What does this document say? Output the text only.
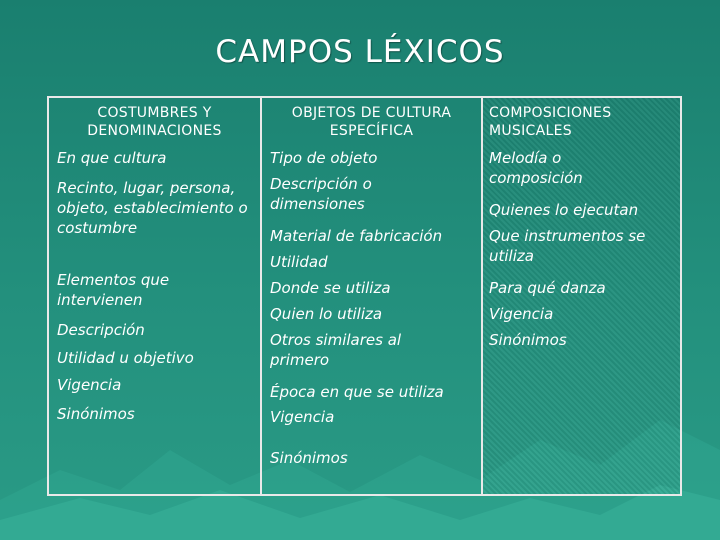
CAMPOS LÉXICOS
COSTUMBRES Y
DENOMINACIONES
En que cultura
Recinto, lugar, persona, objeto, establecimiento o costumbre
Elementos que intervienen
Descripción
Utilidad u objetivo
Vigencia
Sinónimos
OBJETOS DE CULTURA
ESPECÍFICA
Tipo de objeto
Descripción o dimensiones
Material de fabricación
Utilidad
Donde se utiliza
Quien lo utiliza
Otros similares al primero
Época en que se utiliza
Vigencia
Sinónimos
COMPOSICIONES
MUSICALES
Melodía o composición
Quienes lo ejecutan
Que instrumentos se utiliza
Para qué danza
Vigencia
Sinónimos
